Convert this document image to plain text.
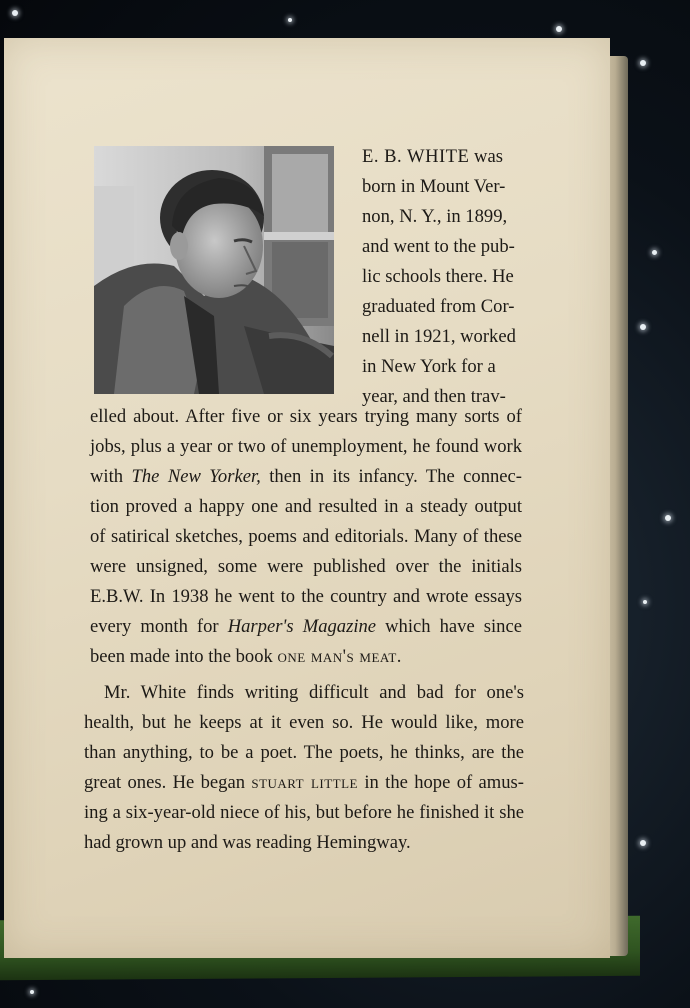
E. B. WHITE was
born in Mount Ver-
non, N. Y., in 1899,
and went to the pub-
lic schools there. He
graduated from Cor-
nell in 1921, worked
in New York for a
year, and then trav-
elled about. After five or six years trying many sorts of
jobs, plus a year or two of unemployment, he found work
with The New Yorker, then in its infancy. The connec-
tion proved a happy one and resulted in a steady output
of satirical sketches, poems and editorials. Many of these
were unsigned, some were published over the initials
E.B.W. In 1938 he went to the country and wrote essays
every month for Harper's Magazine which have since
been made into the book one man's meat.
Mr. White finds writing difficult and bad for one's
health, but he keeps at it even so. He would like, more
than anything, to be a poet. The poets, he thinks, are the
great ones. He began stuart little in the hope of amus-
ing a six-year-old niece of his, but before he finished it she
had grown up and was reading Hemingway.
